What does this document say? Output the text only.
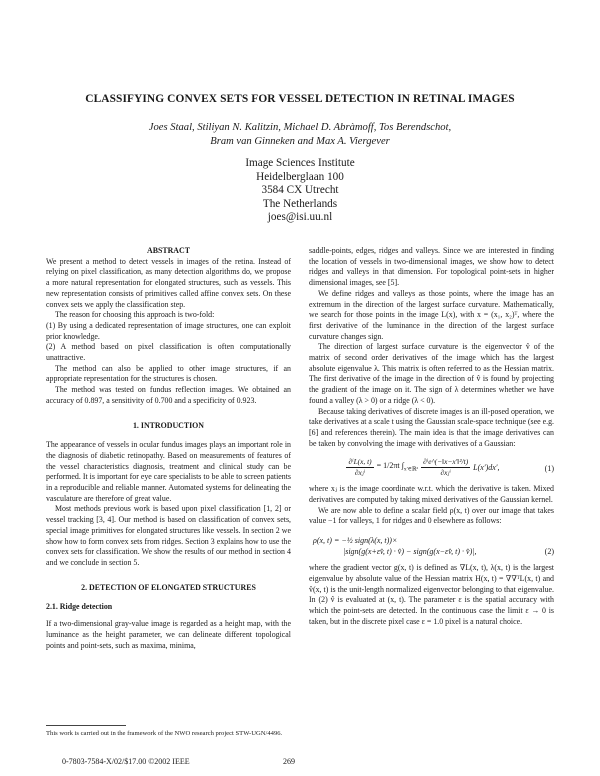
CLASSIFYING CONVEX SETS FOR VESSEL DETECTION IN RETINAL IMAGES
Joes Staal, Stiliyan N. Kalitzin, Michael D. Abràmoff, Tos Berendschot,
Bram van Ginneken and Max A. Viergever
Image Sciences Institute
Heidelberglaan 100
3584 CX Utrecht
The Netherlands
joes@isi.uu.nl

ABSTRACT

We present a method to detect vessels in images of the retina. Instead of relying on pixel classification, as many detection algorithms do, we propose a more natural representation for elongated structures, such as vessels. This new representation consists of primitives called affine convex sets. On these convex sets we apply the classification step.

The reason for choosing this approach is two-fold:

(1) By using a dedicated representation of image structures, one can exploit prior knowledge.

(2) A method based on pixel classification is often computationally unattractive.

The method can also be applied to other image structures, if an appropriate representation for the structures is chosen.

The method was tested on fundus reflection images. We obtained an accuracy of 0.897, a sensitivity of 0.700 and a specificity of 0.923.

1. INTRODUCTION

The appearance of vessels in ocular fundus images plays an important role in the diagnosis of diabetic retinopathy. Based on measurements of features of the vessel characteristics diagnosis, treatment and clinical study can be performed. It is important for eye care specialists to be able to screen patients in a reproducible and reliable manner. Automated systems for delineating the vasculature are therefore of great value.

Most methods previous work is based upon pixel classification [1, 2] or vessel tracking [3, 4]. Our method is based on classification of convex sets, special image primitives for elongated structures like vessels. In section 2 we show how to form convex sets from ridges. Section 3 explains how to use the convex sets for classification. We show the results of our method in section 4 and we conclude in section 5.

2. DETECTION OF ELONGATED STRUCTURES

2.1. Ridge detection

If a two-dimensional gray-value image is regarded as a height map, with the luminance as the height parameter, we can delineate different topological points and point-sets, such as maxima, minima,

saddle-points, edges, ridges and valleys. Since we are interested in finding the location of vessels in two-dimensional images, we show how to detect ridges and valleys in that dimension. For topological point-sets in higher dimensional images, see [5].

We define ridges and valleys as those points, where the image has an extremum in the direction of the largest surface curvature. Mathematically, we search for those points in the image L(x), with x = (x₁, x₂)ᵀ, where the first derivative of the luminance in the direction of the largest surface curvature changes sign.

The direction of largest surface curvature is the eigenvector v̂ of the matrix of second order derivatives of the image which has the largest absolute eigenvalue λ. This matrix is often referred to as the Hessian matrix. The first derivative of the image in the direction of v̂ is found by projecting the gradient of the image on it. The sign of λ determines whether we have found a valley (λ > 0) or a ridge (λ < 0).

Because taking derivatives of discrete images is an ill-posed operation, we take derivatives at a scale t using the Gaussian scale-space technique (see e.g. [6] and references therein). The main idea is that the image derivatives can be taken by convolving the image with derivatives of a Gaussian:

$\frac{\text{∂ⁱL(x, t)}}{\text{∂xⱼⁱ}} = 1/2\pi t$ $\int_{x'\in ℝ^2} \frac{\text{∂ⁱe\textasciicircum{}(−‖x−x′‖²/t)}}{\text{∂xⱼⁱ}} L(x')dx'$,	(1)

where xⱼ is the image coordinate w.r.t. which the derivative is taken. Mixed derivatives are computed by taking mixed derivatives of the Gaussian kernel.

We are now able to define a scalar field ρ(x, t) over our image that takes value −1 for valleys, 1 for ridges and 0 elsewhere as follows:

ρ(x, t) = −½ sign(λ(x, t))×
|sign(g(x+εv̂, t) · v̂) − sign(g(x−εv̂, t) · v̂)|,	(2)

where the gradient vector g(x, t) is defined as ∇L(x, t), λ(x, t) is the largest eigenvalue by absolute value of the Hessian matrix H(x, t) = ∇∇ᵀL(x, t) and v̂(x, t) is the unit-length normalized eigenvector belonging to that eigenvalue. In (2) v̂ is evaluated at (x, t). The parameter ε is the spatial accuracy with which the point-sets are detected. In the continuous case the limit ε → 0 is taken, but in the discrete pixel case ε = 1.0 pixel is a natural choice.

This work is carried out in the framework of the NWO research project STW-UGN/4496.
0-7803-7584-X/02/$17.00 ©2002 IEEE	269
